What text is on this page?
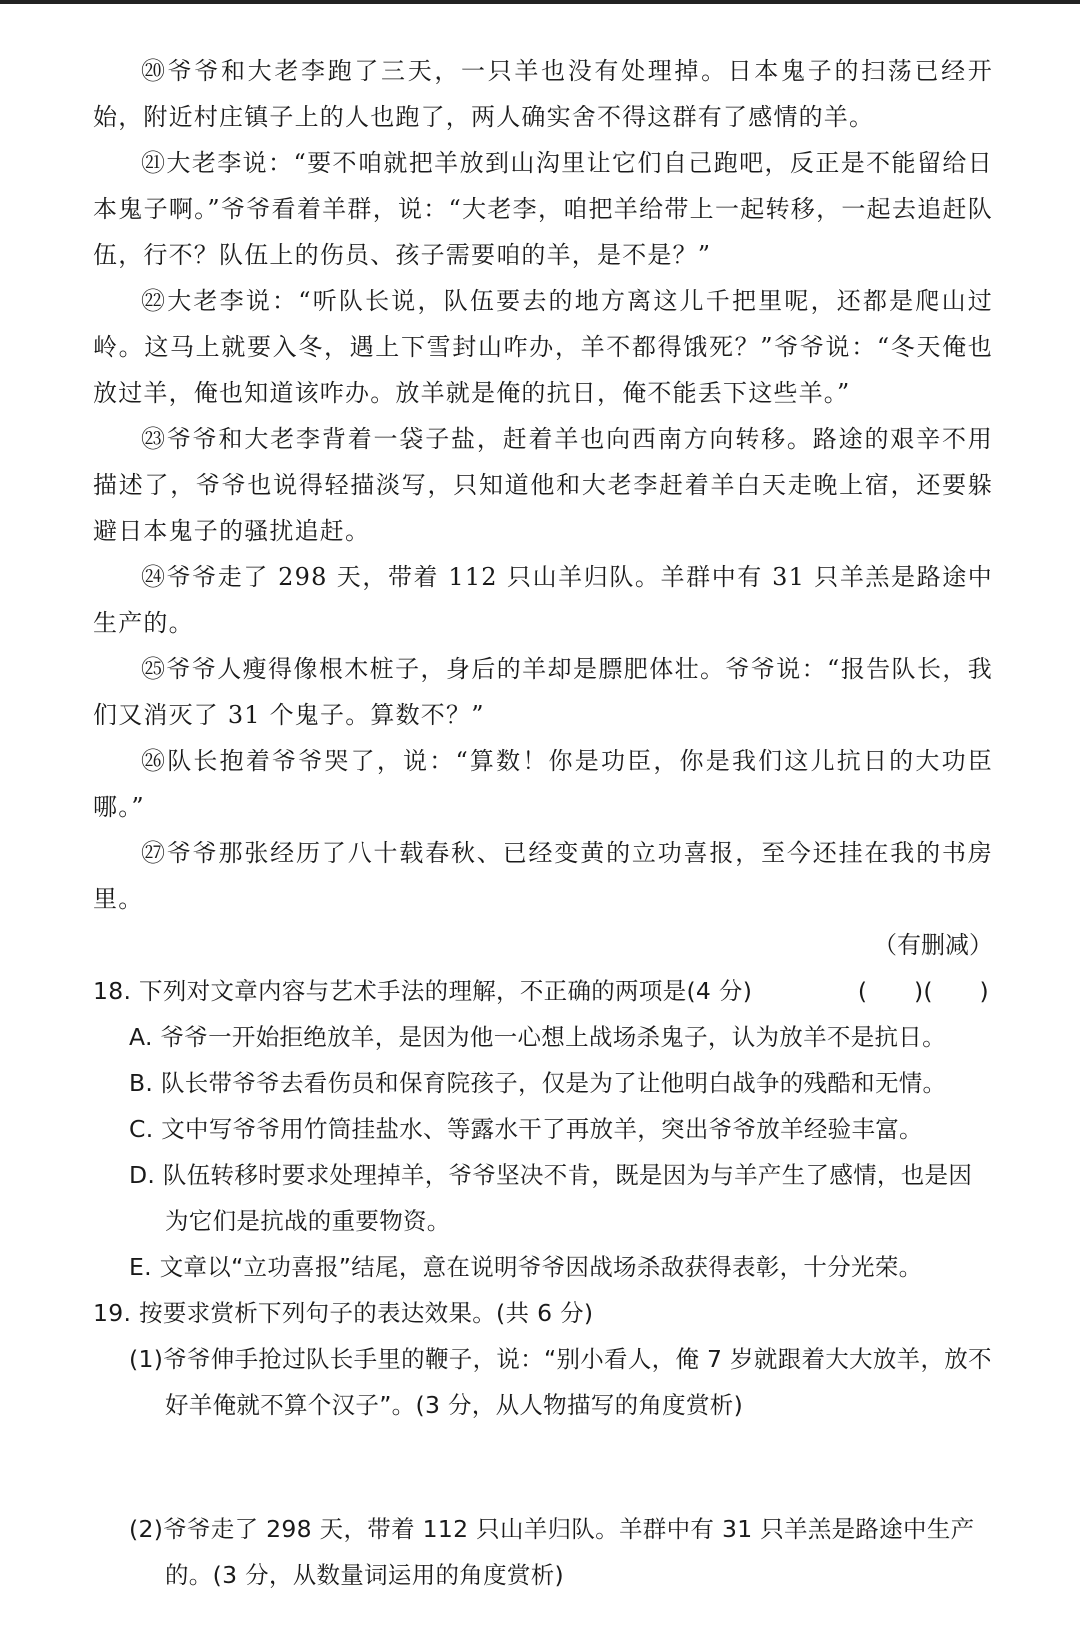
⑳爷爷和大老李跑了三天，一只羊也没有处理掉。日本鬼子的扫荡已经开始，附近村庄镇子上的人也跑了，两人确实舍不得这群有了感情的羊。

㉑大老李说：“要不咱就把羊放到山沟里让它们自己跑吧，反正是不能留给日本鬼子啊。”爷爷看着羊群，说：“大老李，咱把羊给带上一起转移，一起去追赶队伍，行不？队伍上的伤员、孩子需要咱的羊，是不是？”

㉒大老李说：“听队长说，队伍要去的地方离这儿千把里呢，还都是爬山过岭。这马上就要入冬，遇上下雪封山咋办，羊不都得饿死？”爷爷说：“冬天俺也放过羊，俺也知道该咋办。放羊就是俺的抗日，俺不能丢下这些羊。”

㉓爷爷和大老李背着一袋子盐，赶着羊也向西南方向转移。路途的艰辛不用描述了，爷爷也说得轻描淡写，只知道他和大老李赶着羊白天走晚上宿，还要躲避日本鬼子的骚扰追赶。

㉔爷爷走了 298 天，带着 112 只山羊归队。羊群中有 31 只羊羔是路途中生产的。

㉕爷爷人瘦得像根木桩子，身后的羊却是膘肥体壮。爷爷说：“报告队长，我们又消灭了 31 个鬼子。算数不？”

㉖队长抱着爷爷哭了，说：“算数！你是功臣，你是我们这儿抗日的大功臣哪。”

㉗爷爷那张经历了八十载春秋、已经变黄的立功喜报，至今还挂在我的书房里。

（有删减）

18. 下列对文章内容与艺术手法的理解，不正确的两项是(4 分)	(      )(      )

A. 爷爷一开始拒绝放羊，是因为他一心想上战场杀鬼子，认为放羊不是抗日。

B. 队长带爷爷去看伤员和保育院孩子，仅是为了让他明白战争的残酷和无情。

C. 文中写爷爷用竹筒挂盐水、等露水干了再放羊，突出爷爷放羊经验丰富。

D. 队伍转移时要求处理掉羊，爷爷坚决不肯，既是因为与羊产生了感情，也是因为它们是抗战的重要物资。

E. 文章以“立功喜报”结尾，意在说明爷爷因战场杀敌获得表彰，十分光荣。

19. 按要求赏析下列句子的表达效果。(共 6 分)

(1)爷爷伸手抢过队长手里的鞭子，说：“别小看人，俺 7 岁就跟着大大放羊，放不好羊俺就不算个汉子”。(3 分，从人物描写的角度赏析)

(2)爷爷走了 298 天，带着 112 只山羊归队。羊群中有 31 只羊羔是路途中生产的。(3 分，从数量词运用的角度赏析)
